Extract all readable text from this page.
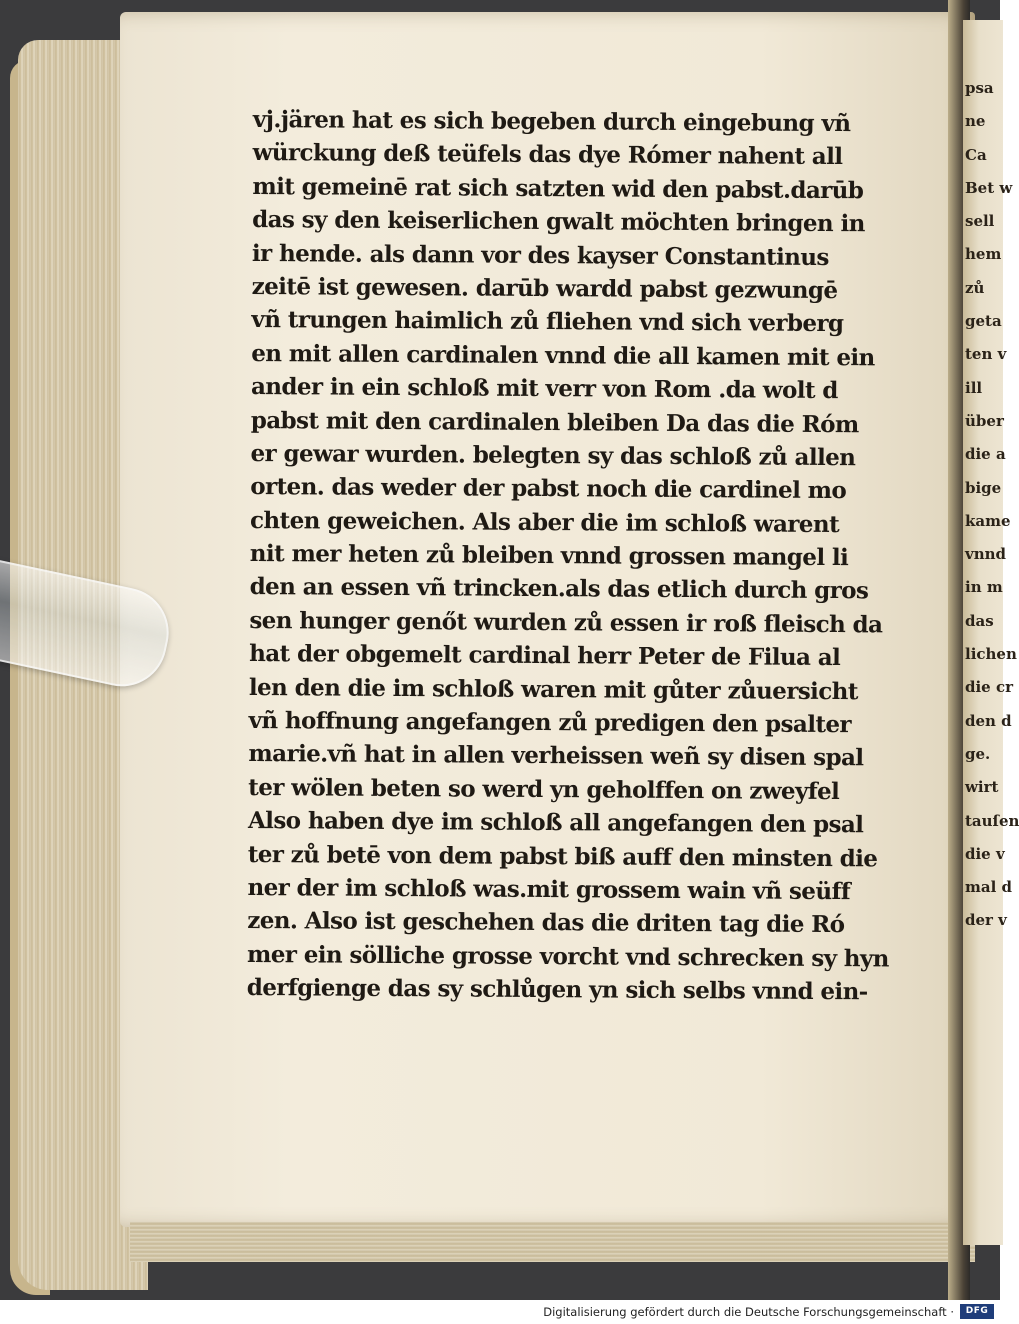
psa
ne
Ca
Bet w
sell
hem
zů
geta
ten v
ill
über
die a
bige
kame
vnnd
in m
das
lichen
die cr
den d
ge.
wirt
tauſen
die v
mal d
der v
vj.jären hat es sich begeben durch eingebung vñ
würckung deß teüfels das dye Rómer nahent all
mit gemeinē rat sich satzten wid den pabst.darūb
das sy den keiserlichen gwalt möchten bringen in
ir hende. als dann vor des kayser Constantinus
zeitē ist gewesen. darūb wardd pabst gezwungē
vñ trungen haimlich zů fliehen vnd sich verberg
en mit allen cardinalen vnnd die all kamen mit ein
ander in ein schloß mit verr von Rom .da wolt d
pabst mit den cardinalen bleiben Da das die Róm
er gewar wurden. belegten sy das schloß zů allen
orten. das weder der pabst noch die cardinel mo
chten geweichen. Als aber die im schloß warent
nit mer heten zů bleiben vnnd grossen mangel li
den an essen vñ trincken.als das etlich durch gros
sen hunger genőt wurden zů essen ir roß fleisch da
hat der obgemelt cardinal herr Peter de Filua al
len den die im schloß waren mit gůter zůuersicht
vñ hoffnung angefangen zů predigen den psalter
marie.vñ hat in allen verheissen weñ sy disen spal
ter wölen beten so werd yn geholffen on zweyfel
Also haben dye im schloß all angefangen den psal
ter zů betē von dem pabst biß auff den minsten die
ner der im schloß was.mit grossem wain vñ seüff
zen. Also ist geschehen das die driten tag die Ró
mer ein sölliche grosse vorcht vnd schrecken sy hyn
derfgienge das sy schlůgen yn sich selbs vnnd ein-
Digitalisierung gefördert durch die Deutsche Forschungsgemeinschaft ·	DFG
